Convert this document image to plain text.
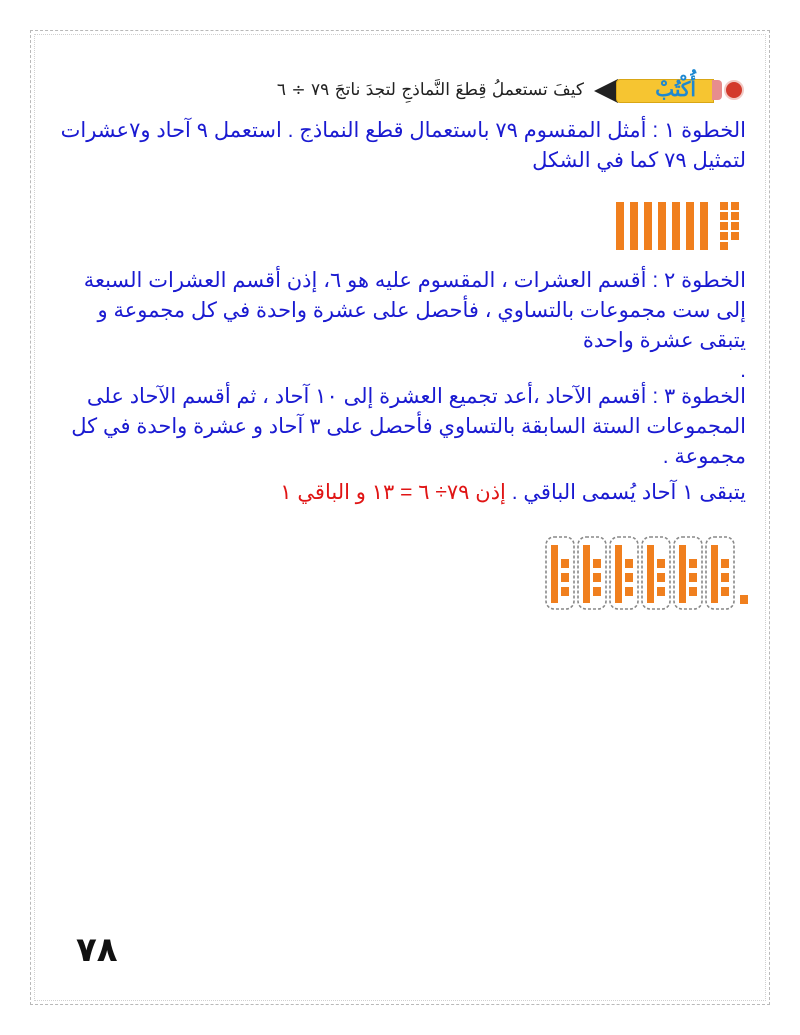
أُكْتُبْ
كيفَ تستعملُ قِطعَ النَّماذجِ لتجدَ ناتجَ ٧٩ ÷ ٦

الخطوة ١ : أمثل المقسوم ٧٩ باستعمال قطع النماذج . استعمل ٩ آحاد و٧عشرات لتمثيل ٧٩ كما في الشكل

الخطوة ٢ : أقسم العشرات ، المقسوم عليه هو ٦، إذن أقسم العشرات السبعة إلى ست مجموعات بالتساوي ، فأحصل على عشرة واحدة في كل مجموعة و يتبقى عشرة واحدة

.

الخطوة ٣ : أقسم الآحاد ،أعد تجميع العشرة إلى ١٠ آحاد ، ثم أقسم الآحاد على المجموعات الستة السابقة بالتساوي فأحصل على ٣ آحاد و عشرة واحدة في كل مجموعة .

يتبقى ١ آحاد يُسمى الباقي . إذن ٧٩÷ ٦ = ١٣ و الباقي ١

٧٨
